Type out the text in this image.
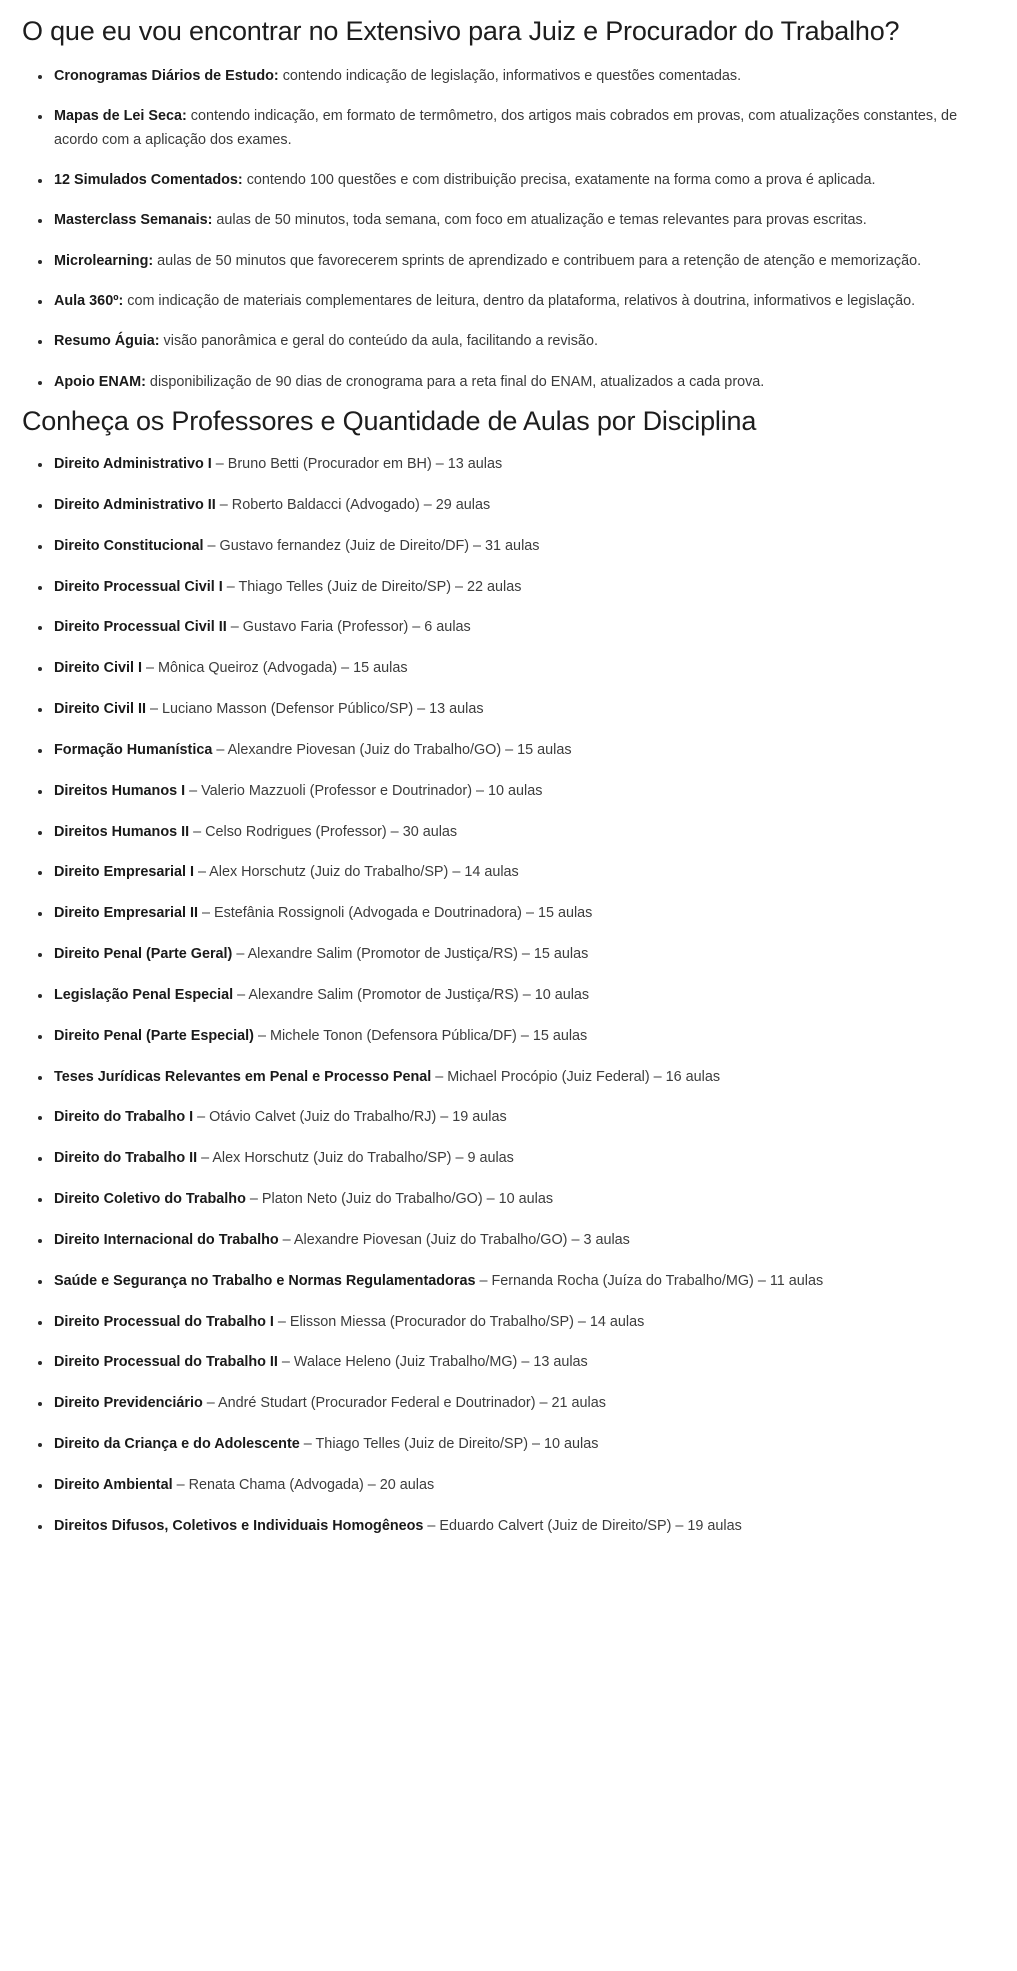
O que eu vou encontrar no Extensivo para Juiz e Procurador do Trabalho?
Cronogramas Diários de Estudo: contendo indicação de legislação, informativos e questões comentadas.
Mapas de Lei Seca: contendo indicação, em formato de termômetro, dos artigos mais cobrados em provas, com atualizações constantes, de acordo com a aplicação dos exames.
12 Simulados Comentados: contendo 100 questões e com distribuição precisa, exatamente na forma como a prova é aplicada.
Masterclass Semanais: aulas de 50 minutos, toda semana, com foco em atualização e temas relevantes para provas escritas.
Microlearning: aulas de 50 minutos que favorecerem sprints de aprendizado e contribuem para a retenção de atenção e memorização.
Aula 360º: com indicação de materiais complementares de leitura, dentro da plataforma, relativos à doutrina, informativos e legislação.
Resumo Águia: visão panorâmica e geral do conteúdo da aula, facilitando a revisão.
Apoio ENAM: disponibilização de 90 dias de cronograma para a reta final do ENAM, atualizados a cada prova.
Conheça os Professores e Quantidade de Aulas por Disciplina
Direito Administrativo I – Bruno Betti (Procurador em BH) – 13 aulas
Direito Administrativo II – Roberto Baldacci (Advogado) – 29 aulas
Direito Constitucional – Gustavo fernandez (Juiz de Direito/DF) – 31 aulas
Direito Processual Civil I – Thiago Telles (Juiz de Direito/SP) – 22 aulas
Direito Processual Civil II – Gustavo Faria (Professor) – 6 aulas
Direito Civil I – Mônica Queiroz (Advogada) – 15 aulas
Direito Civil II – Luciano Masson (Defensor Público/SP) – 13 aulas
Formação Humanística – Alexandre Piovesan (Juiz do Trabalho/GO) – 15 aulas
Direitos Humanos I – Valerio Mazzuoli (Professor e Doutrinador) – 10 aulas
Direitos Humanos II – Celso Rodrigues (Professor) – 30 aulas
Direito Empresarial I – Alex Horschutz (Juiz do Trabalho/SP) – 14 aulas
Direito Empresarial II – Estefânia Rossignoli (Advogada e Doutrinadora) – 15 aulas
Direito Penal (Parte Geral) – Alexandre Salim (Promotor de Justiça/RS) – 15 aulas
Legislação Penal Especial – Alexandre Salim (Promotor de Justiça/RS) – 10 aulas
Direito Penal (Parte Especial) – Michele Tonon (Defensora Pública/DF) – 15 aulas
Teses Jurídicas Relevantes em Penal e Processo Penal – Michael Procópio (Juiz Federal) – 16 aulas
Direito do Trabalho I – Otávio Calvet (Juiz do Trabalho/RJ) – 19 aulas
Direito do Trabalho II – Alex Horschutz (Juiz do Trabalho/SP) – 9 aulas
Direito Coletivo do Trabalho – Platon Neto (Juiz do Trabalho/GO) – 10 aulas
Direito Internacional do Trabalho – Alexandre Piovesan (Juiz do Trabalho/GO) – 3 aulas
Saúde e Segurança no Trabalho e Normas Regulamentadoras – Fernanda Rocha (Juíza do Trabalho/MG) – 11 aulas
Direito Processual do Trabalho I – Elisson Miessa (Procurador do Trabalho/SP) – 14 aulas
Direito Processual do Trabalho II – Walace Heleno (Juiz Trabalho/MG) – 13 aulas
Direito Previdenciário – André Studart (Procurador Federal e Doutrinador) – 21 aulas
Direito da Criança e do Adolescente – Thiago Telles (Juiz de Direito/SP) – 10 aulas
Direito Ambiental – Renata Chama (Advogada) – 20 aulas
Direitos Difusos, Coletivos e Individuais Homogêneos – Eduardo Calvert (Juiz de Direito/SP) – 19 aulas
